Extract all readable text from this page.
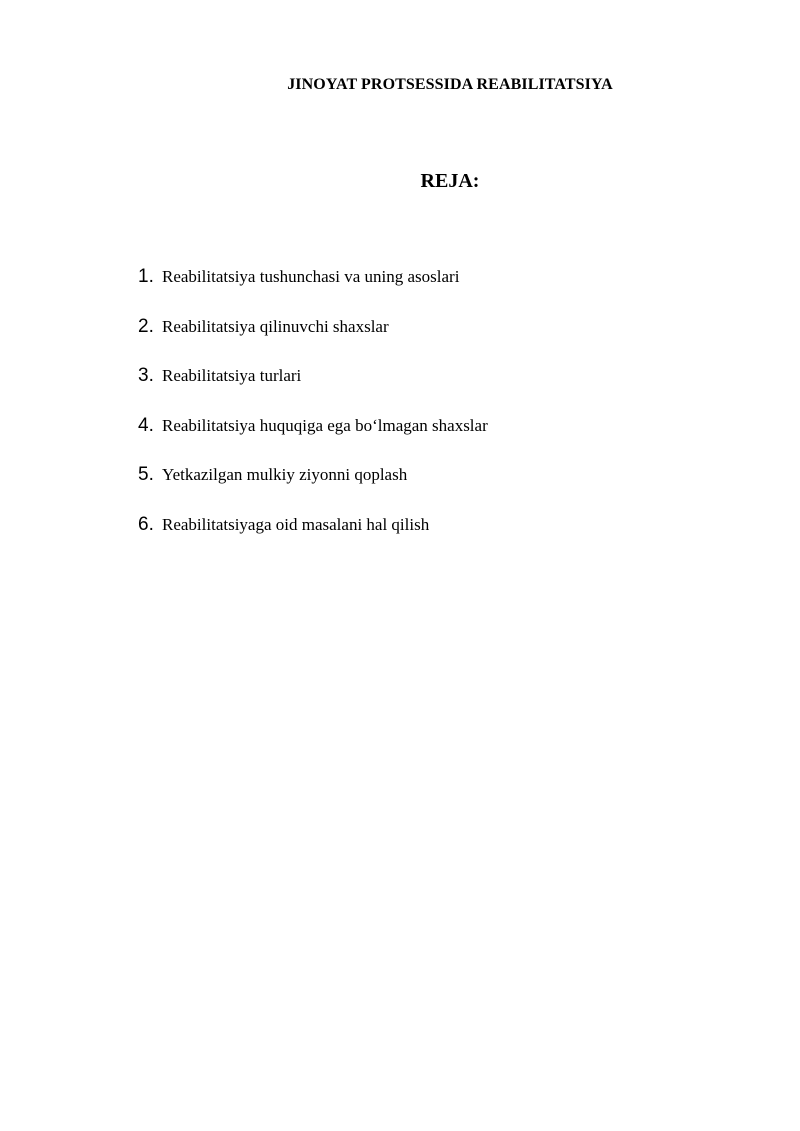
JINOYAT PROTSESSIDA REABILITATSIYA
REJA:
1. Reabilitatsiya tushunchasi va uning asoslari
2. Reabilitatsiya qilinuvchi shaxslar
3. Reabilitatsiya turlari
4. Reabilitatsiya huquqiga ega boʻlmagan shaxslar
5. Yetkazilgan mulkiy ziyonni qoplash
6. Reabilitatsiyaga oid masalani hal qilish
